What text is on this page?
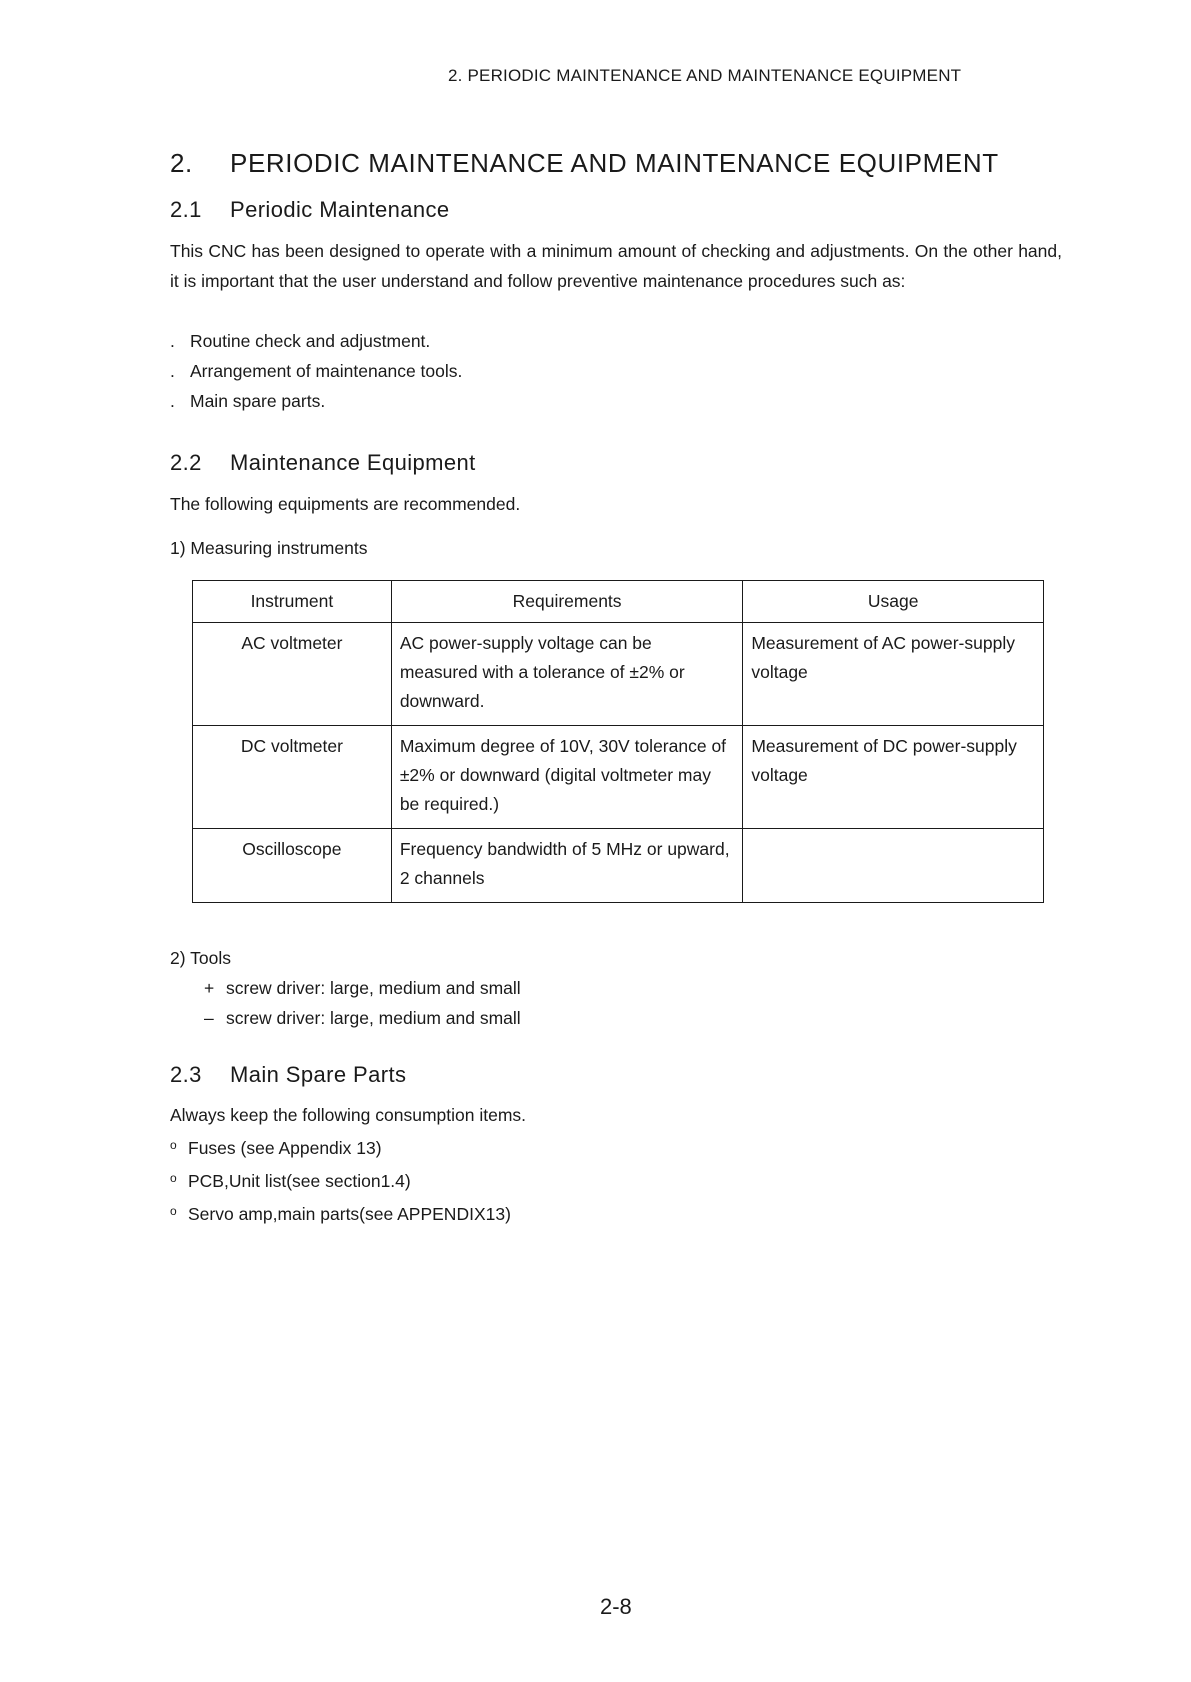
2. PERIODIC MAINTENANCE AND MAINTENANCE EQUIPMENT
2. PERIODIC MAINTENANCE AND MAINTENANCE EQUIPMENT
2.1 Periodic Maintenance

This CNC has been designed to operate with a minimum amount of checking and adjustments. On the other hand, it is important that the user understand and follow preventive maintenance procedures such as:

. Routine check and adjustment.
. Arrangement of maintenance tools.
. Main spare parts.
2.2 Maintenance Equipment

The following equipments are recommended.

1) Measuring instruments

Instrument	Requirements	Usage
AC voltmeter	AC power-supply voltage can be measured with a tolerance of ±2% or downward.	Measurement of AC power-supply voltage
DC voltmeter	Maximum degree of 10V, 30V tolerance of ±2% or downward (digital voltmeter may be required.)	Measurement of DC power-supply voltage
Oscilloscope	Frequency bandwidth of 5 MHz or upward, 2 channels	
2) Tools
+ screw driver: large, medium and small
– screw driver: large, medium and small
2.3 Main Spare Parts

Always keep the following consumption items.

o Fuses (see Appendix 13)
o PCB,Unit list(see section1.4)
o Servo amp,main parts(see APPENDIX13)
2-8
